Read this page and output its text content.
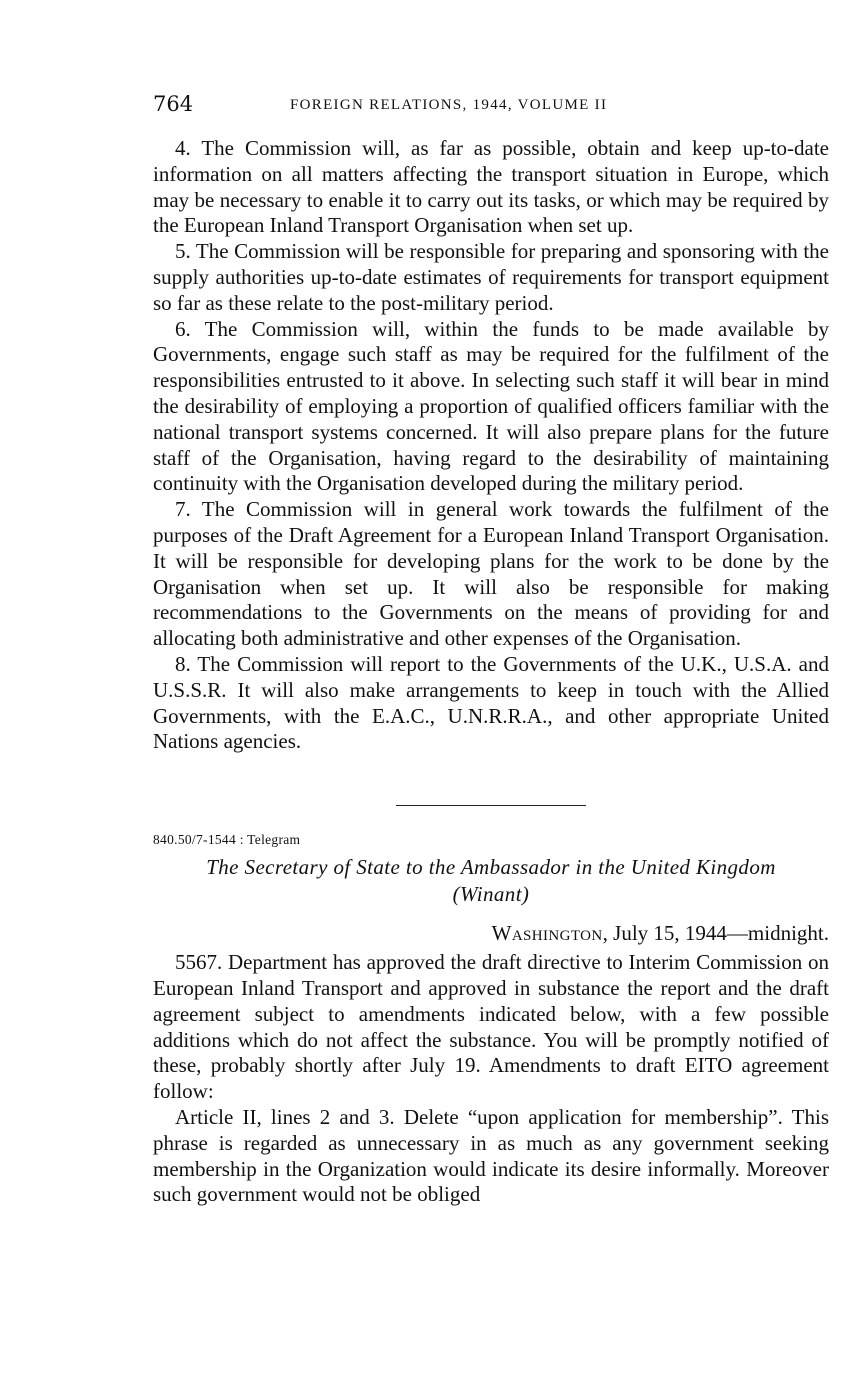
764	FOREIGN RELATIONS, 1944, VOLUME II

4. The Commission will, as far as possible, obtain and keep up-to-date information on all matters affecting the transport situation in Europe, which may be necessary to enable it to carry out its tasks, or which may be required by the European Inland Transport Organisation when set up.

5. The Commission will be responsible for preparing and sponsoring with the supply authorities up-to-date estimates of requirements for transport equipment so far as these relate to the post-military period.

6. The Commission will, within the funds to be made available by Governments, engage such staff as may be required for the fulfilment of the responsibilities entrusted to it above. In selecting such staff it will bear in mind the desirability of employing a proportion of qualified officers familiar with the national transport systems concerned. It will also prepare plans for the future staff of the Organisation, having regard to the desirability of maintaining continuity with the Organisation developed during the military period.

7. The Commission will in general work towards the fulfilment of the purposes of the Draft Agreement for a European Inland Transport Organisation. It will be responsible for developing plans for the work to be done by the Organisation when set up. It will also be responsible for making recommendations to the Governments on the means of providing for and allocating both administrative and other expenses of the Organisation.

8. The Commission will report to the Governments of the U.K., U.S.A. and U.S.S.R. It will also make arrangements to keep in touch with the Allied Governments, with the E.A.C., U.N.R.R.A., and other appropriate United Nations agencies.

840.50/7-1544 : Telegram
The Secretary of State to the Ambassador in the United Kingdom
(Winant)
Washington, July 15, 1944—midnight.

5567. Department has approved the draft directive to Interim Commission on European Inland Transport and approved in substance the report and the draft agreement subject to amendments indicated below, with a few possible additions which do not affect the substance. You will be promptly notified of these, probably shortly after July 19. Amendments to draft EITO agreement follow:

Article II, lines 2 and 3. Delete “upon application for membership”. This phrase is regarded as unnecessary in as much as any government seeking membership in the Organization would indicate its desire informally. Moreover such government would not be obliged
